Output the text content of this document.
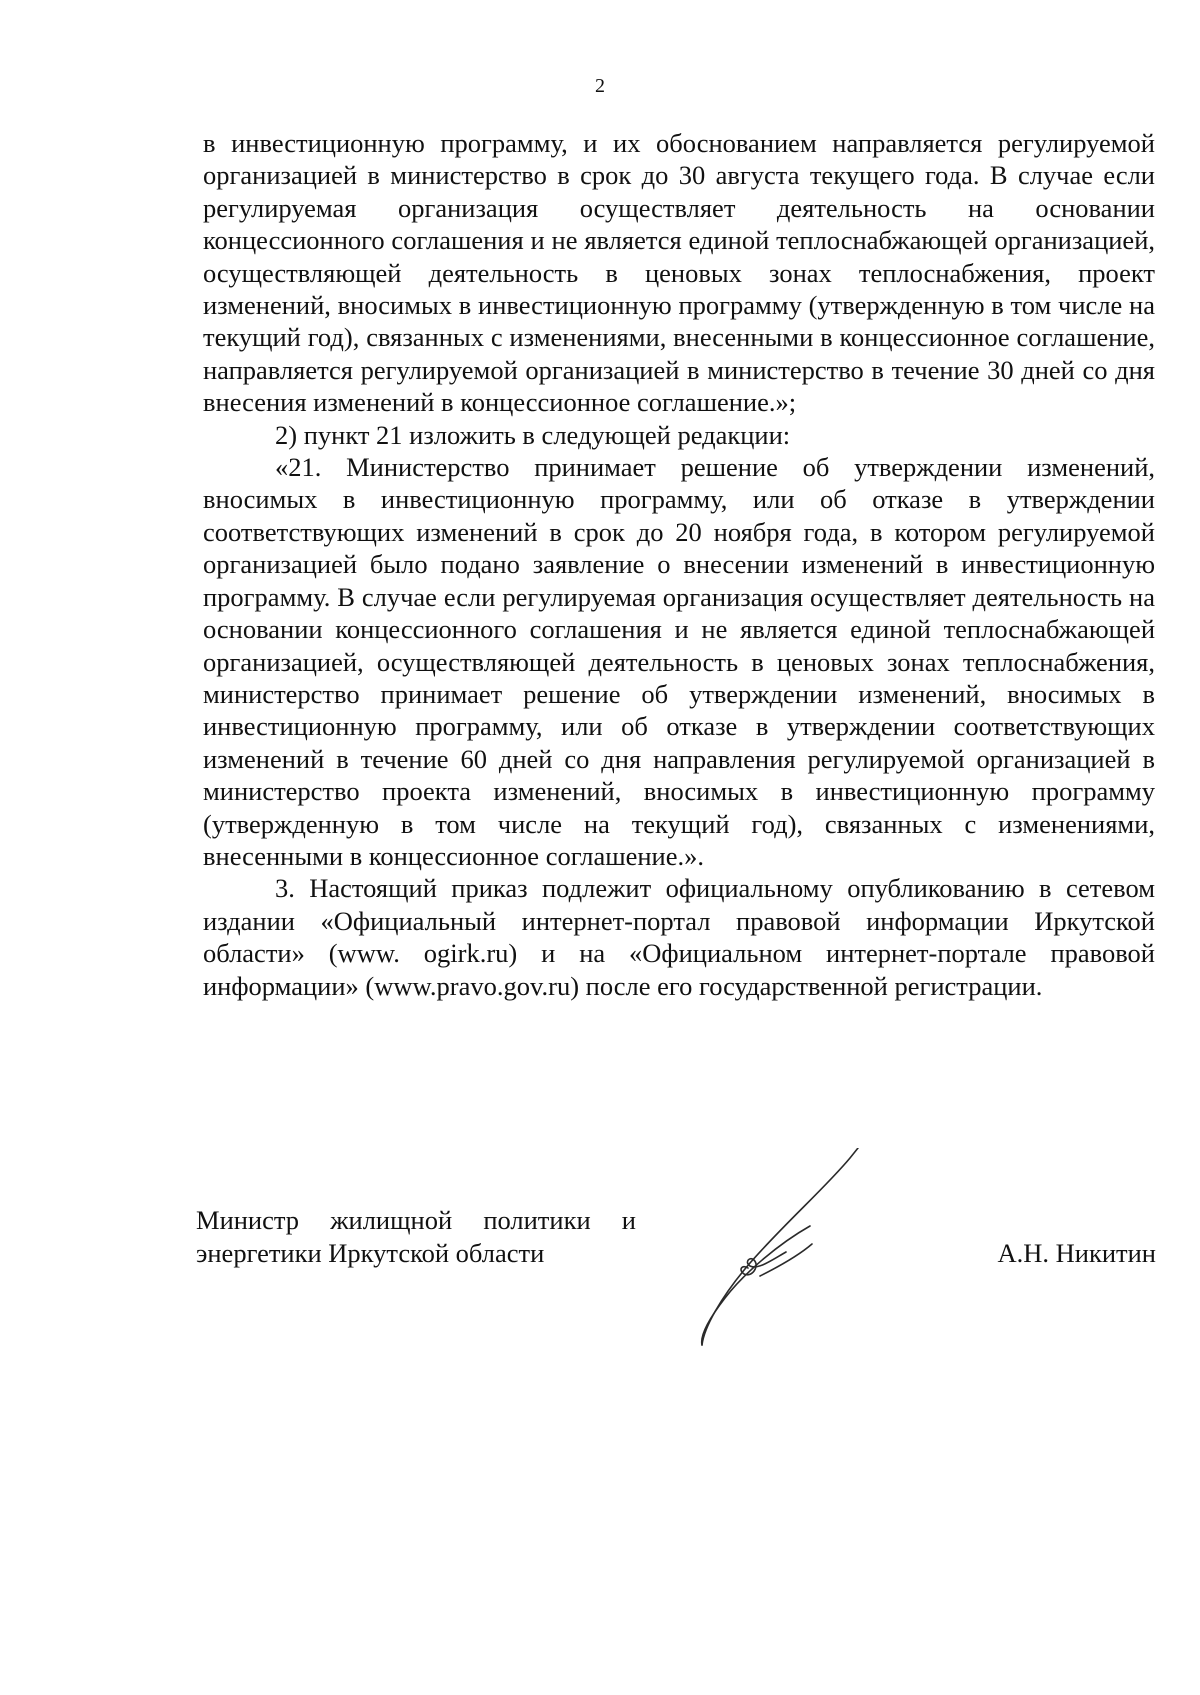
2

в инвестиционную программу, и их обоснованием направляется регулируемой организацией в министерство в срок до 30 августа текущего года. В случае если регулируемая организация осуществляет деятельность на основании концессионного соглашения и не является единой теплоснабжающей организацией, осуществляющей деятельность в ценовых зонах теплоснабжения, проект изменений, вносимых в инвестиционную программу (утвержденную в том числе на текущий год), связанных с изменениями, внесенными в концессионное соглашение, направляется регулируемой организацией в министерство в течение 30 дней со дня внесения изменений в концессионное соглашение.»;

2) пункт 21 изложить в следующей редакции:

«21. Министерство принимает решение об утверждении изменений, вносимых в инвестиционную программу, или об отказе в утверждении соответствующих изменений в срок до 20 ноября года, в котором регулируемой организацией было подано заявление о внесении изменений в инвестиционную программу. В случае если регулируемая организация осуществляет деятельность на основании концессионного соглашения и не является единой теплоснабжающей организацией, осуществляющей деятельность в ценовых зонах теплоснабжения, министерство принимает решение об утверждении изменений, вносимых в инвестиционную программу, или об отказе в утверждении соответствующих изменений в течение 60 дней со дня направления регулируемой организацией в министерство проекта изменений, вносимых в инвестиционную программу (утвержденную в том числе на текущий год), связанных с изменениями, внесенными в концессионное соглашение.».

3. Настоящий приказ подлежит официальному опубликованию в сетевом издании «Официальный интернет-портал правовой информации Иркутской области» (www. ogirk.ru) и на «Официальном интернет-портале правовой информации» (www.pravo.gov.ru) после его государственной регистрации.

Министр жилищной политики и
энергетики Иркутской области	А.Н. Никитин
